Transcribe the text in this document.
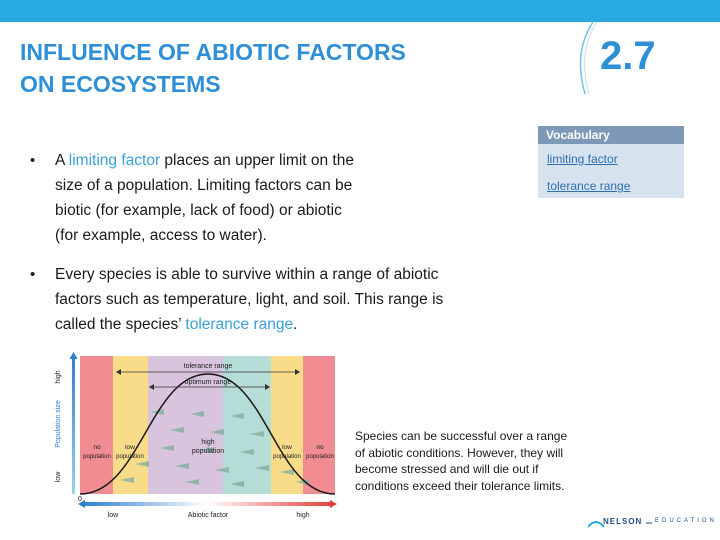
INFLUENCE OF ABIOTIC FACTORS
ON ECOSYSTEMS
2.7
Vocabulary
limiting factor
tolerance range
• A limiting factor places an upper limit on the
size of a population. Limiting factors can be
biotic (for example, lack of food) or abiotic
(for example, access to water).
• Every species is able to survive within a range of abiotic
factors such as temperature, light, and soil. This range is
called the species’ tolerance range.
tolerance range
optimum range
no
population
low
population
high
population
low
population
no
population
high
Population size
low
0
low	Abiotic factor	high
Species can be successful over a range
of abiotic conditions. However, they will
become stressed and will die out if
conditions exceed their tolerance limits.
NELSON EDUCATION
